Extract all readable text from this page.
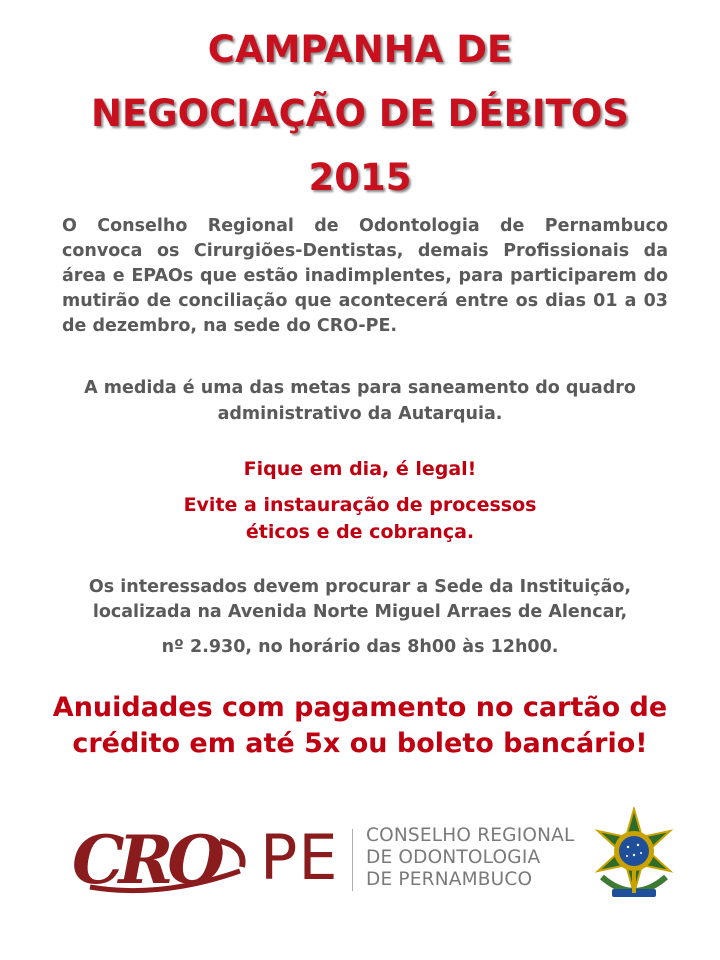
CAMPANHA DE
NEGOCIAÇÃO DE DÉBITOS
2015
O Conselho Regional de Odontologia de Pernambuco convoca os Cirurgiões-Dentistas, demais Profissionais da área e EPAOs que estão inadimplentes, para participarem do mutirão de conciliação que acontecerá entre os dias 01 a 03 de dezembro, na sede do CRO-PE.
A medida é uma das metas para saneamento do quadro administrativo da Autarquia.
Fique em dia, é legal!
Evite a instauração de processos éticos e de cobrança.
Os interessados devem procurar a Sede da Instituição,
localizada na Avenida Norte Miguel Arraes de Alencar,
nº 2.930, no horário das 8h00 às 12h00.
Anuidades com pagamento no cartão de
crédito em até 5x ou boleto bancário!
CRO PE CONSELHO REGIONAL
DE ODONTOLOGIA
DE PERNAMBUCO
